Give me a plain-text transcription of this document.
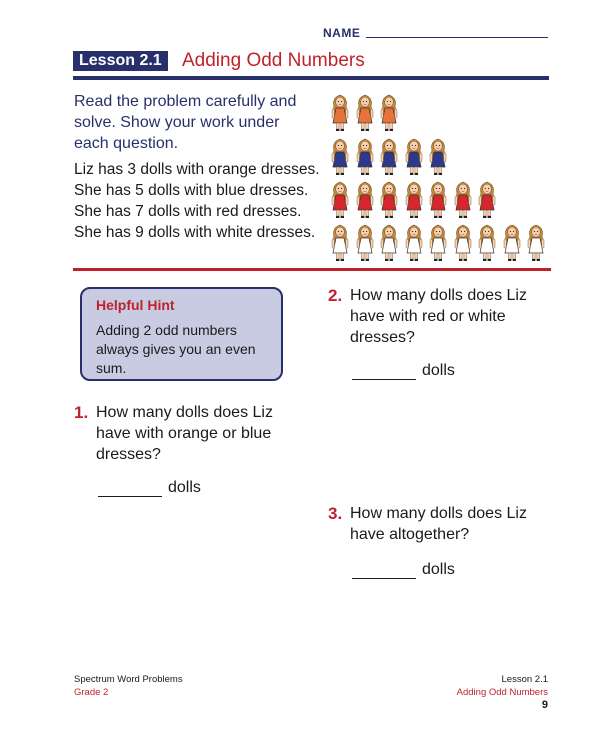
NAME
Lesson 2.1	Adding Odd Numbers
Read the problem carefully and solve. Show your work under each question.
Liz has 3 dolls with orange dresses. She has 5 dolls with blue dresses. She has 7 dolls with red dresses. She has 9 dolls with white dresses.
Helpful Hint
Adding 2 odd numbers always gives you an even sum.
1. How many dolls does Liz
have with orange or blue
dresses?
dolls
2. How many dolls does Liz
have with red or white
dresses?
dolls
3. How many dolls does Liz
have altogether?
dolls
Spectrum Word Problems
Grade 2
Lesson 2.1
Adding Odd Numbers
9
